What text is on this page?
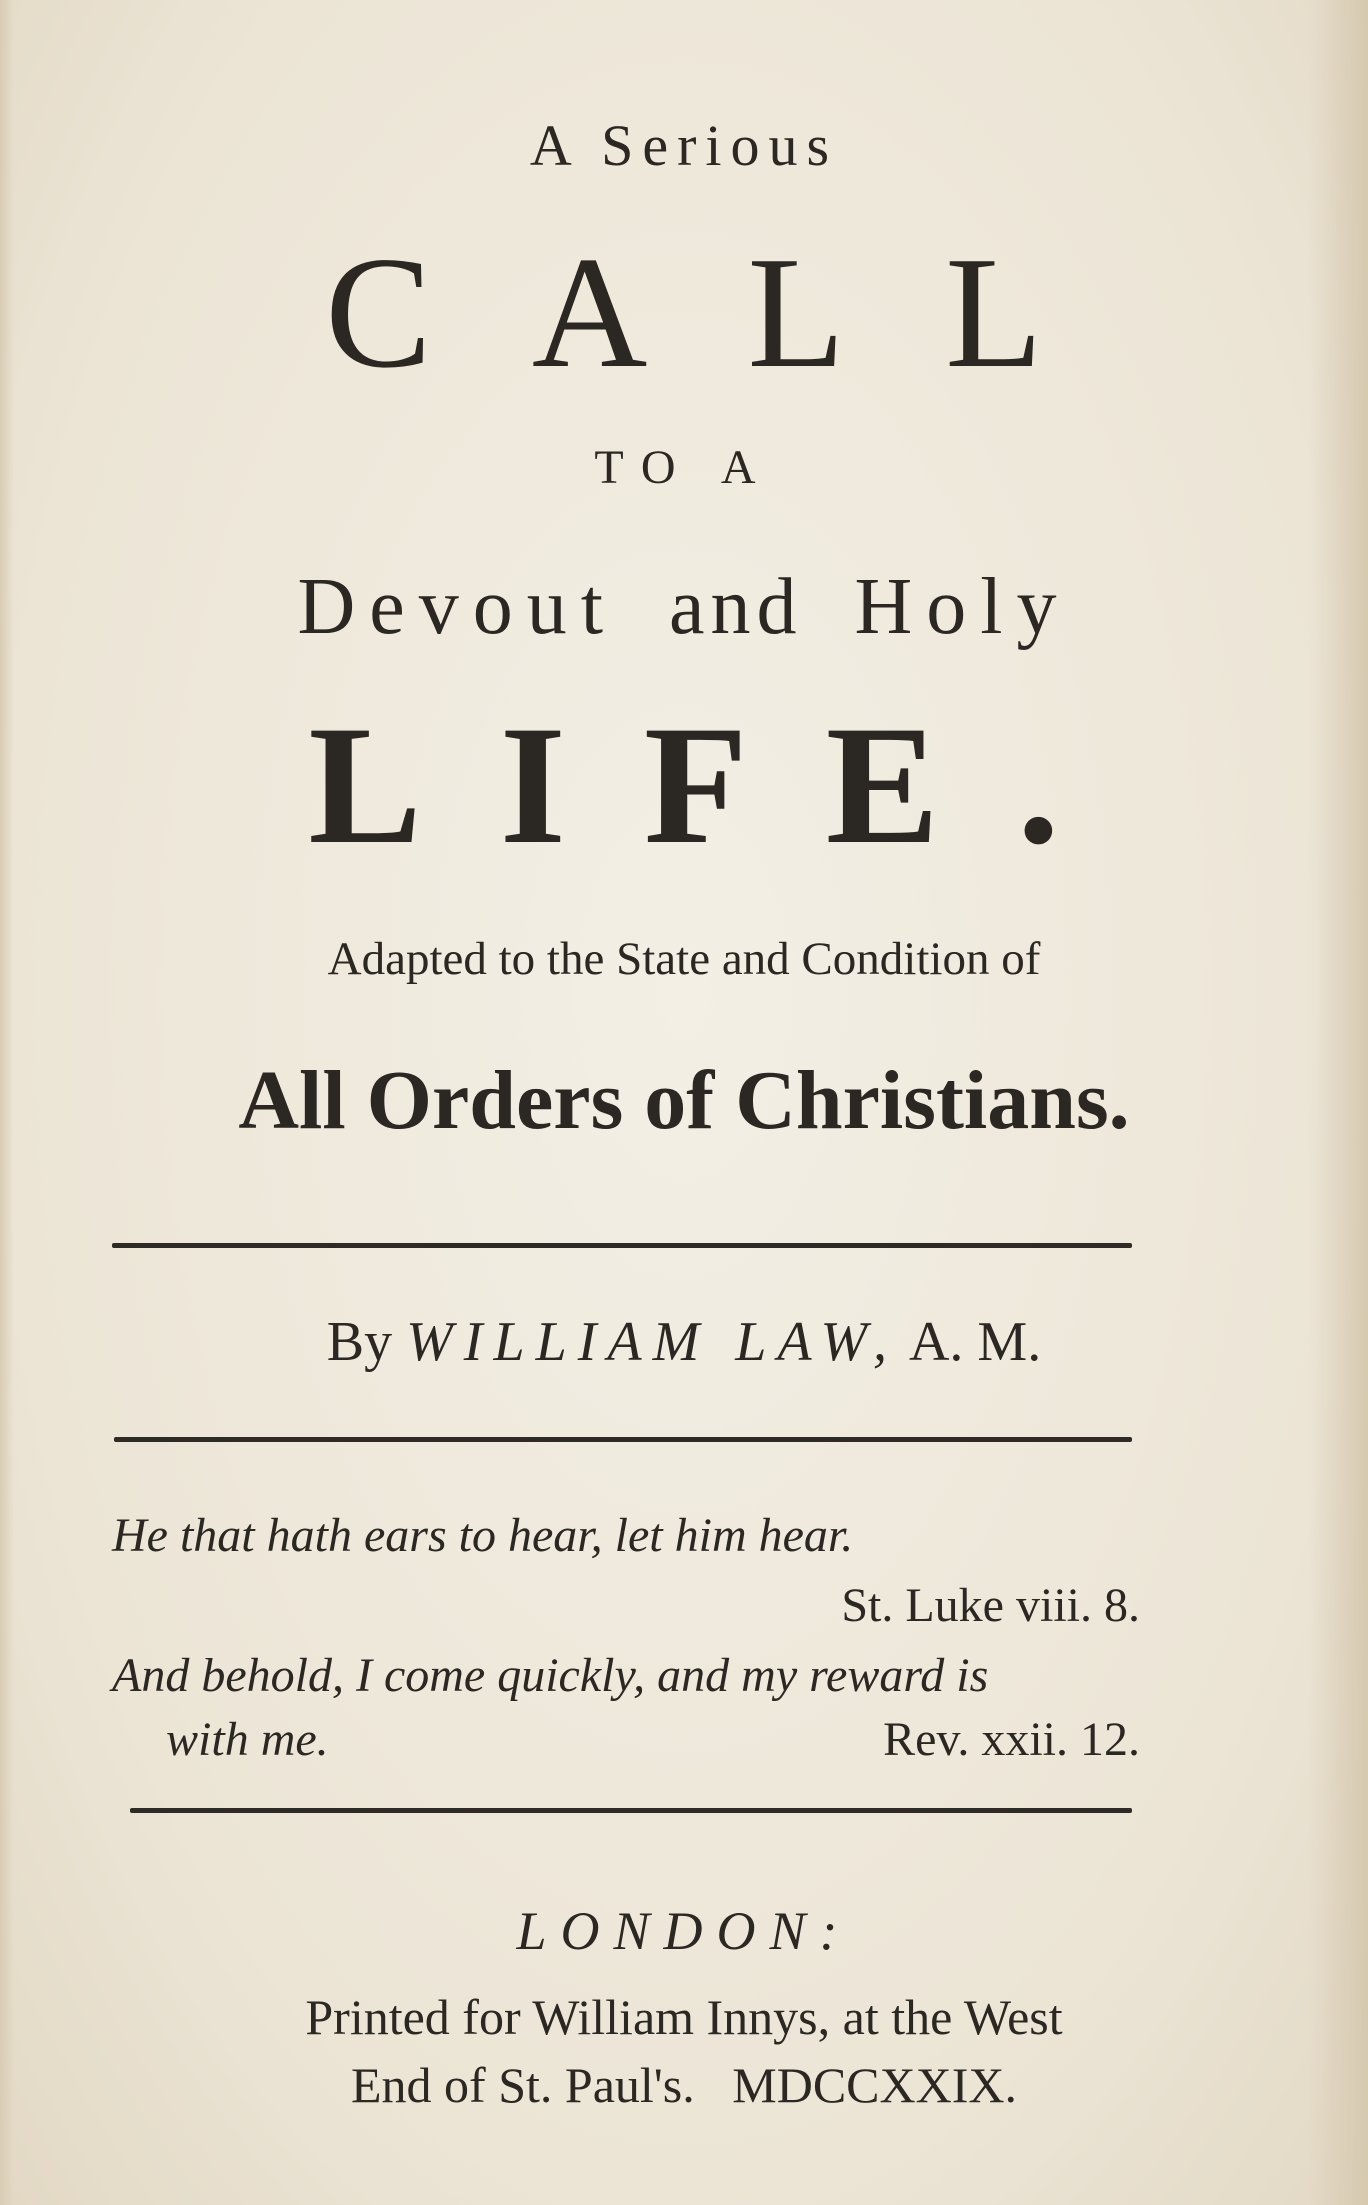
A Serious
CALL
TO A
Devout and Holy
LIFE.
Adapted to the State and Condition of
All Orders of Christians.
By WILLIAM LAW, A. M.
He that hath ears to hear, let him hear.
St. Luke viii. 8.
And behold, I come quickly, and my reward is
with me.	Rev. xxii. 12.
LONDON:
Printed for William Innys, at the West
End of St. Paul's. MDCCXXIX.
